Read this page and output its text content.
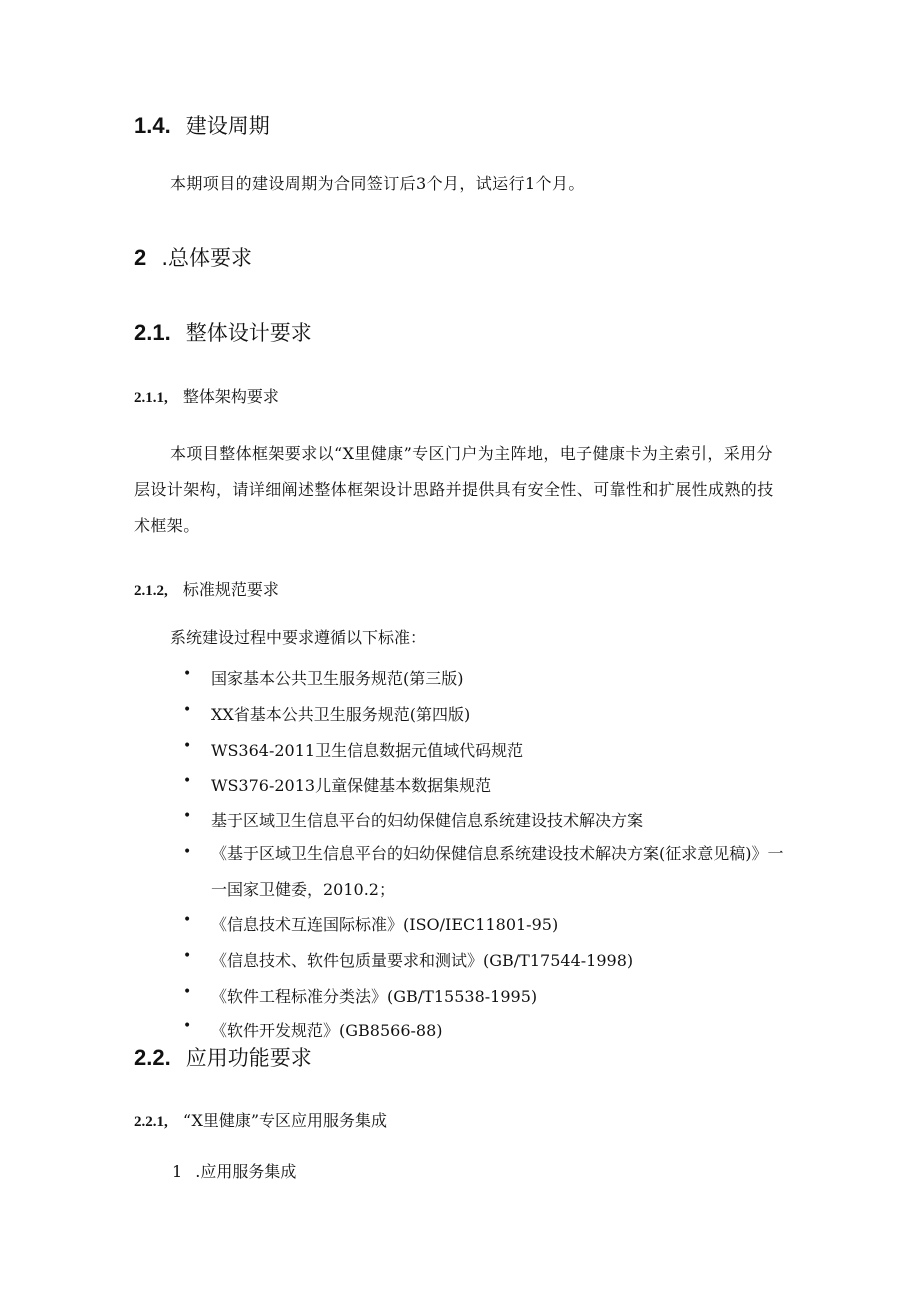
1.4. 建设周期
本期项目的建设周期为合同签订后3个月，试运行1个月。
2 .总体要求
2.1. 整体设计要求
2.1.1, 整体架构要求
本项目整体框架要求以“X里健康”专区门户为主阵地，电子健康卡为主索引，采用分层设计架构，请详细阐述整体框架设计思路并提供具有安全性、可靠性和扩展性成熟的技术框架。
2.1.2, 标准规范要求
系统建设过程中要求遵循以下标准：
• 国家基本公共卫生服务规范(第三版)
• XX省基本公共卫生服务规范(第四版)
• WS364-2011卫生信息数据元值域代码规范
• WS376-2013儿童保健基本数据集规范
• 基于区域卫生信息平台的妇幼保健信息系统建设技术解决方案
• 《基于区域卫生信息平台的妇幼保健信息系统建设技术解决方案(征求意见稿)》一一国家卫健委，2010.2；
• 《信息技术互连国际标准》(ISO/IEC11801-95)
• 《信息技术、软件包质量要求和测试》(GB/T17544-1998)
• 《软件工程标准分类法》(GB/T15538-1995)
• 《软件开发规范》(GB8566-88)
2.2. 应用功能要求
2.2.1, “X里健康”专区应用服务集成
1 .应用服务集成
